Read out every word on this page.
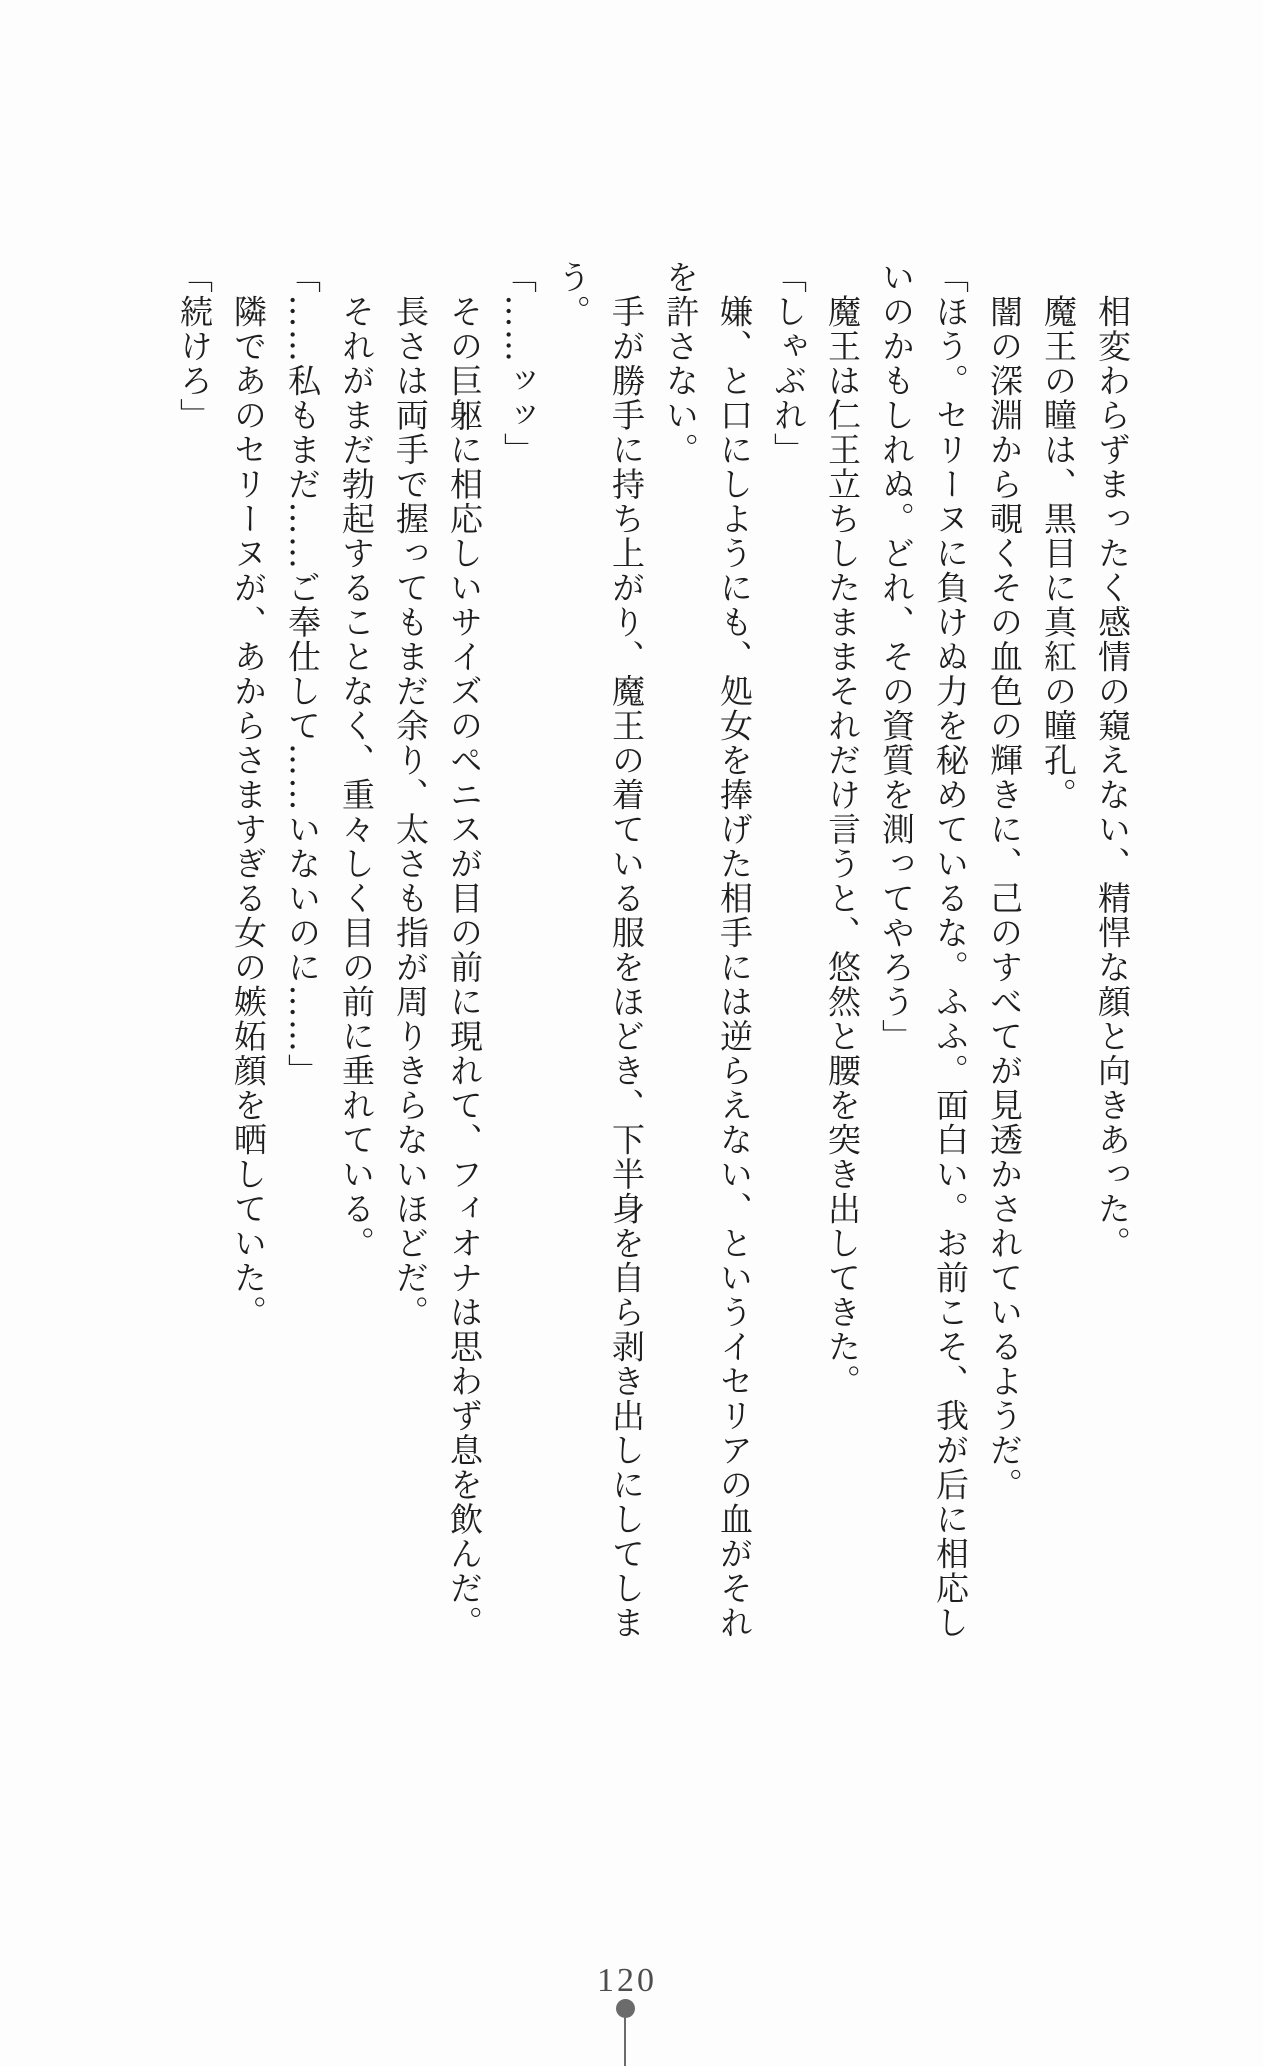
　相変わらずまったく感情の窺えない、精悍な顔と向きあった。

　魔王の瞳は、黒目に真紅の瞳孔。

　闇の深淵から覗くその血色の輝きに、己のすべてが見透かされているようだ。

「ほう。セリーヌに負けぬ力を秘めているな。ふふ。面白い。お前こそ、我が后に相応し

いのかもしれぬ。どれ、その資質を測ってやろう」

　魔王は仁王立ちしたままそれだけ言うと、悠然と腰を突き出してきた。

「しゃぶれ」

　嫌、と口にしようにも、処女を捧げた相手には逆らえない、というイセリアの血がそれ

を許さない。

　手が勝手に持ち上がり、魔王の着ている服をほどき、下半身を自ら剥き出しにしてしま

う。

「……ッッ」

　その巨躯に相応しいサイズのペニスが目の前に現れて、フィオナは思わず息を飲んだ。

　長さは両手で握ってもまだ余り、太さも指が周りきらないほどだ。

　それがまだ勃起することなく、重々しく目の前に垂れている。

「……私もまだ……ご奉仕して……いないのに……」

　隣であのセリーヌが、あからさますぎる女の嫉妬顔を晒していた。

「続けろ」

120
